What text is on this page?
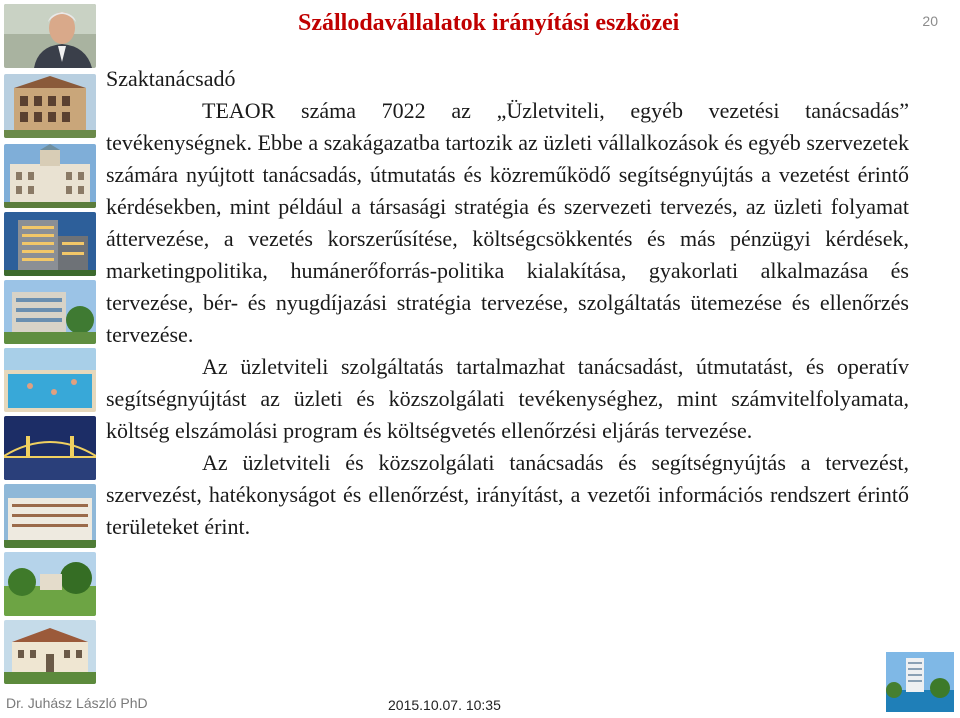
Szállodavállalatok irányítási eszközei	20
Szaktanácsadó

TEAOR száma 7022 az „Üzletviteli, egyéb vezetési tanácsadás” tevékenységnek. Ebbe a szakágazatba tartozik az üzleti vállalkozások és egyéb szervezetek számára nyújtott tanácsadás, útmutatás és közreműködő segítségnyújtás a vezetést érintő kérdésekben, mint például a társasági stratégia és szervezeti tervezés, az üzleti folyamat áttervezése, a vezetés korszerűsítése, költségcsökkentés és más pénzügyi kérdések, marketingpolitika, humánerőforrás-politika kialakítása, gyakorlati alkalmazása és tervezése, bér- és nyugdíjazási stratégia tervezése, szolgáltatás ütemezése és ellenőrzés tervezése.

Az üzletviteli szolgáltatás tartalmazhat tanácsadást, útmutatást, és operatív segítségnyújtást az üzleti és közszolgálati tevékenységhez, mint számvitelfolyamata, költség elszámolási program és költségvetés ellenőrzési eljárás tervezése.

Az üzletviteli és közszolgálati tanácsadás és segítségnyújtás a tervezést, szervezést, hatékonyságot és ellenőrzést, irányítást, a vezetői információs rendszert érintő területeket érint.

Dr. Juhász László PhD	2015.10.07. 10:35
